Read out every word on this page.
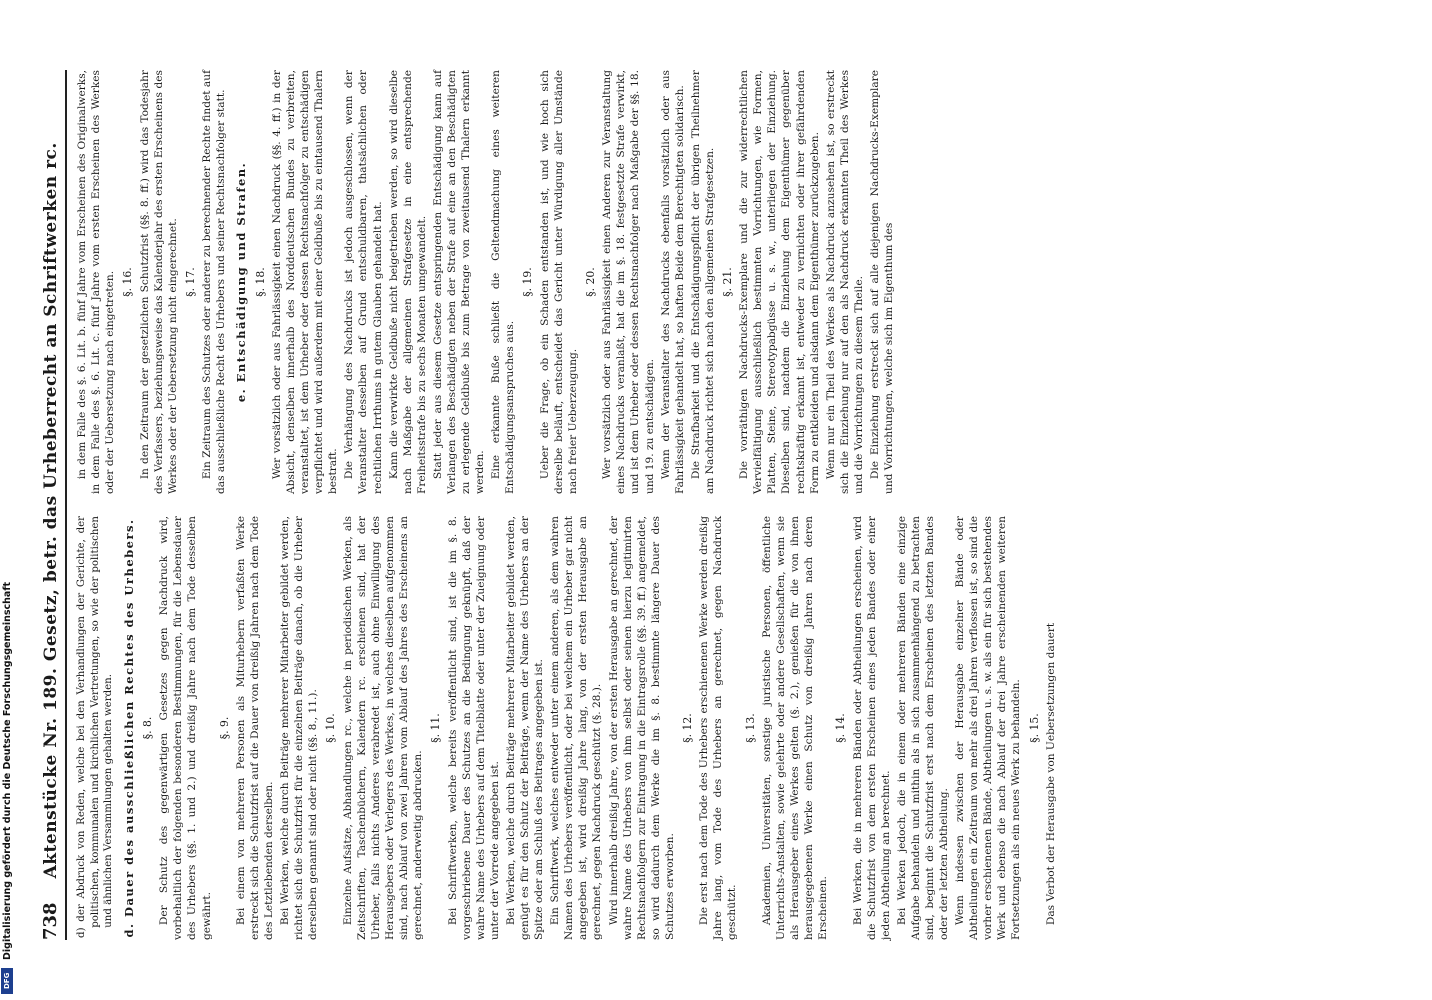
Digitalisierung gefördert durch die Deutsche Forschungsgemeinschaft
DFG
738
Aktenstücke Nr. 189. Gesetz, betr. das Urheberrecht an Schriftwerken rc. d) der Abdruck von Reden, welche bei den Verhandlungen der Gerichte, der politischen, kommunalen und kirchlichen Vertretungen, so wie der politischen und ähnlichen Versammlungen gehalten werden. d. Dauer des ausschließlichen Rechtes des Urhebers. §. 8. Der Schutz des gegenwärtigen Gesetzes gegen Nachdruck wird, vorbehaltlich der folgenden besonderen Bestimmungen, für die Lebensdauer des Urhebers (§§. 1. und 2.) und dreißig Jahre nach dem Tode desselben gewährt.

§. 9. Bei einem von mehreren Personen als Miturhebern verfaßten Werke erstreckt sich die Schutzfrist auf die Dauer von dreißig Jahren nach dem Tode des Letztlebenden derselben. Bei Werken, welche durch Beiträge mehrerer Mitarbeiter gebildet werden, richtet sich die Schutzfrist für die einzelnen Beiträge danach, ob die Urheber derselben genannt sind oder nicht (§§. 8., 11.). §. 10. Einzelne Aufsätze, Abhandlungen rc., welche in periodischen Werken, als Zeitschriften, Taschenbüchern, Kalendern rc. erschienen sind, hat der Urheber, falls nichts Anderes verabredet ist, auch ohne Einwilligung des Herausgebers oder Verlegers des Werkes, in welches dieselben aufgenommen sind, nach Ablauf von zwei Jahren vom Ablauf des Jahres des Erscheinens an gerechnet, anderweitig abdrucken.

§. 11. Bei Schriftwerken, welche bereits veröffentlicht sind, ist die im §. 8. vorgeschriebene Dauer des Schutzes an die Bedingung geknüpft, daß der wahre Name des Urhebers auf dem Titelblatte oder unter der Zueignung oder unter der Vorrede angegeben ist. Bei Werken, welche durch Beiträge mehrerer Mitarbeiter gebildet werden, genügt es für den Schutz der Beiträge, wenn der Name des Urhebers an der Spitze oder am Schluß des Beitrages angegeben ist. Ein Schriftwerk, welches entweder unter einem anderen, als dem wahren Namen des Urhebers veröffentlicht, oder bei welchem ein Urheber gar nicht angegeben ist, wird dreißig Jahre lang, von der ersten Herausgabe an gerechnet, gegen Nachdruck geschützt (§. 28.). Wird innerhalb dreißig Jahre, von der ersten Herausgabe an gerechnet, der wahre Name des Urhebers von ihm selbst oder seinen hierzu legitimirten Rechtsnachfolgern zur Eintragung in die Eintragsrolle (§§. 39. ff.) angemeldet, so wird dadurch dem Werke die im §. 8. bestimmte längere Dauer des Schutzes erworben.

§. 12. Die erst nach dem Tode des Urhebers erschienenen Werke werden dreißig Jahre lang, vom Tode des Urhebers an gerechnet, gegen Nachdruck geschützt.

§. 13. Akademien, Universitäten, sonstige juristische Personen, öffentliche Unterrichts-Anstalten, sowie gelehrte oder andere Gesellschaften, wenn sie als Herausgeber eines Werkes gelten (§. 2.), genießen für die von ihnen herausgegebenen Werke einen Schutz von dreißig Jahren nach deren Erscheinen.

§. 14. Bei Werken, die in mehreren Bänden oder Abtheilungen erscheinen, wird die Schutzfrist von dem ersten Erscheinen eines jeden Bandes oder einer jeden Abtheilung an berechnet. Bei Werken jedoch, die in einem oder mehreren Bänden eine einzige Aufgabe behandeln und mithin als in sich zusammenhängend zu betrachten sind, beginnt die Schutzfrist erst nach dem Erscheinen des letzten Bandes oder der letzten Abtheilung. Wenn indessen zwischen der Herausgabe einzelner Bände oder Abtheilungen ein Zeitraum von mehr als drei Jahren verflossen ist, so sind die vorher erschienenen Bände, Abtheilungen u. s. w. als ein für sich bestehendes Werk und ebenso die nach Ablauf der drei Jahre erscheinenden weiteren Fortsetzungen als ein neues Werk zu behandeln. §. 15. Das Verbot der Herausgabe von Uebersetzungen dauert

in dem Falle des §. 6. Lit. b. fünf Jahre vom Erscheinen des Originalwerks, in dem Falle des §. 6. Lit. c. fünf Jahre vom ersten Erscheinen des Werkes oder der Uebersetzung nach eingetreten. §. 16. In den Zeitraum der gesetzlichen Schutzfrist (§§. 8. ff.) wird das Todesjahr des Verfassers, beziehungsweise das Kalenderjahr des ersten Erscheinens des Werkes oder der Uebersetzung nicht eingerechnet. §. 17. Ein Zeitraum des Schutzes oder anderer zu berechnender Rechte findet auf das ausschließliche Recht des Urhebers und seiner Rechtsnachfolger statt. e. Entschädigung und Strafen. §. 18. Wer vorsätzlich oder aus Fahrlässigkeit einen Nachdruck (§§. 4. ff.) in der Absicht, denselben innerhalb des Norddeutschen Bundes zu verbreiten, veranstaltet, ist dem Urheber oder dessen Rechtsnachfolger zu entschädigen verpflichtet und wird außerdem mit einer Geldbuße bis zu eintausend Thalern bestraft. Die Verhängung des Nachdrucks ist jedoch ausgeschlossen, wenn der Veranstalter desselben auf Grund entschuldbaren, thatsächlichen oder rechtlichen Irrthums in gutem Glauben gehandelt hat. Kann die verwirkte Geldbuße nicht beigetrieben werden, so wird dieselbe nach Maßgabe der allgemeinen Strafgesetze in eine entsprechende Freiheitsstrafe bis zu sechs Monaten umgewandelt. Statt jeder aus diesem Gesetze entspringenden Entschädigung kann auf Verlangen des Beschädigten neben der Strafe auf eine an den Beschädigten zu erlegende Geldbuße bis zum Betrage von zweitausend Thalern erkannt werden. Eine erkannte Buße schließt die Geltendmachung eines weiteren Entschädigungsanspruches aus.

§. 19. Ueber die Frage, ob ein Schaden entstanden ist, und wie hoch sich derselbe beläuft, entscheidet das Gericht unter Würdigung aller Umstände nach freier Ueberzeugung.

§. 20. Wer vorsätzlich oder aus Fahrlässigkeit einen Anderen zur Veranstaltung eines Nachdrucks veranlaßt, hat die im §. 18. festgesetzte Strafe verwirkt, und ist dem Urheber oder dessen Rechtsnachfolger nach Maßgabe der §§. 18. und 19. zu entschädigen. Wenn der Veranstalter des Nachdrucks ebenfalls vorsätzlich oder aus Fahrlässigkeit gehandelt hat, so haften Beide dem Berechtigten solidarisch. Die Strafbarkeit und die Entschädigungspflicht der übrigen Theilnehmer am Nachdruck richtet sich nach den allgemeinen Strafgesetzen. §. 21. Die vorräthigen Nachdrucks-Exemplare und die zur widerrechtlichen Vervielfältigung ausschließlich bestimmten Vorrichtungen, wie Formen, Platten, Steine, Stereotypabgüsse u. s. w., unterliegen der Einziehung. Dieselben sind, nachdem die Einziehung dem Eigenthümer gegenüber rechtskräftig erkannt ist, entweder zu vernichten oder ihrer gefährdenden Form zu entkleiden und alsdann dem Eigenthümer zurückzugeben. Wenn nur ein Theil des Werkes als Nachdruck anzusehen ist, so erstreckt sich die Einziehung nur auf den als Nachdruck erkannten Theil des Werkes und die Vorrichtungen zu diesem Theile. Die Einziehung erstreckt sich auf alle diejenigen Nachdrucks-Exemplare und Vorrichtungen, welche sich im Eigenthum des
